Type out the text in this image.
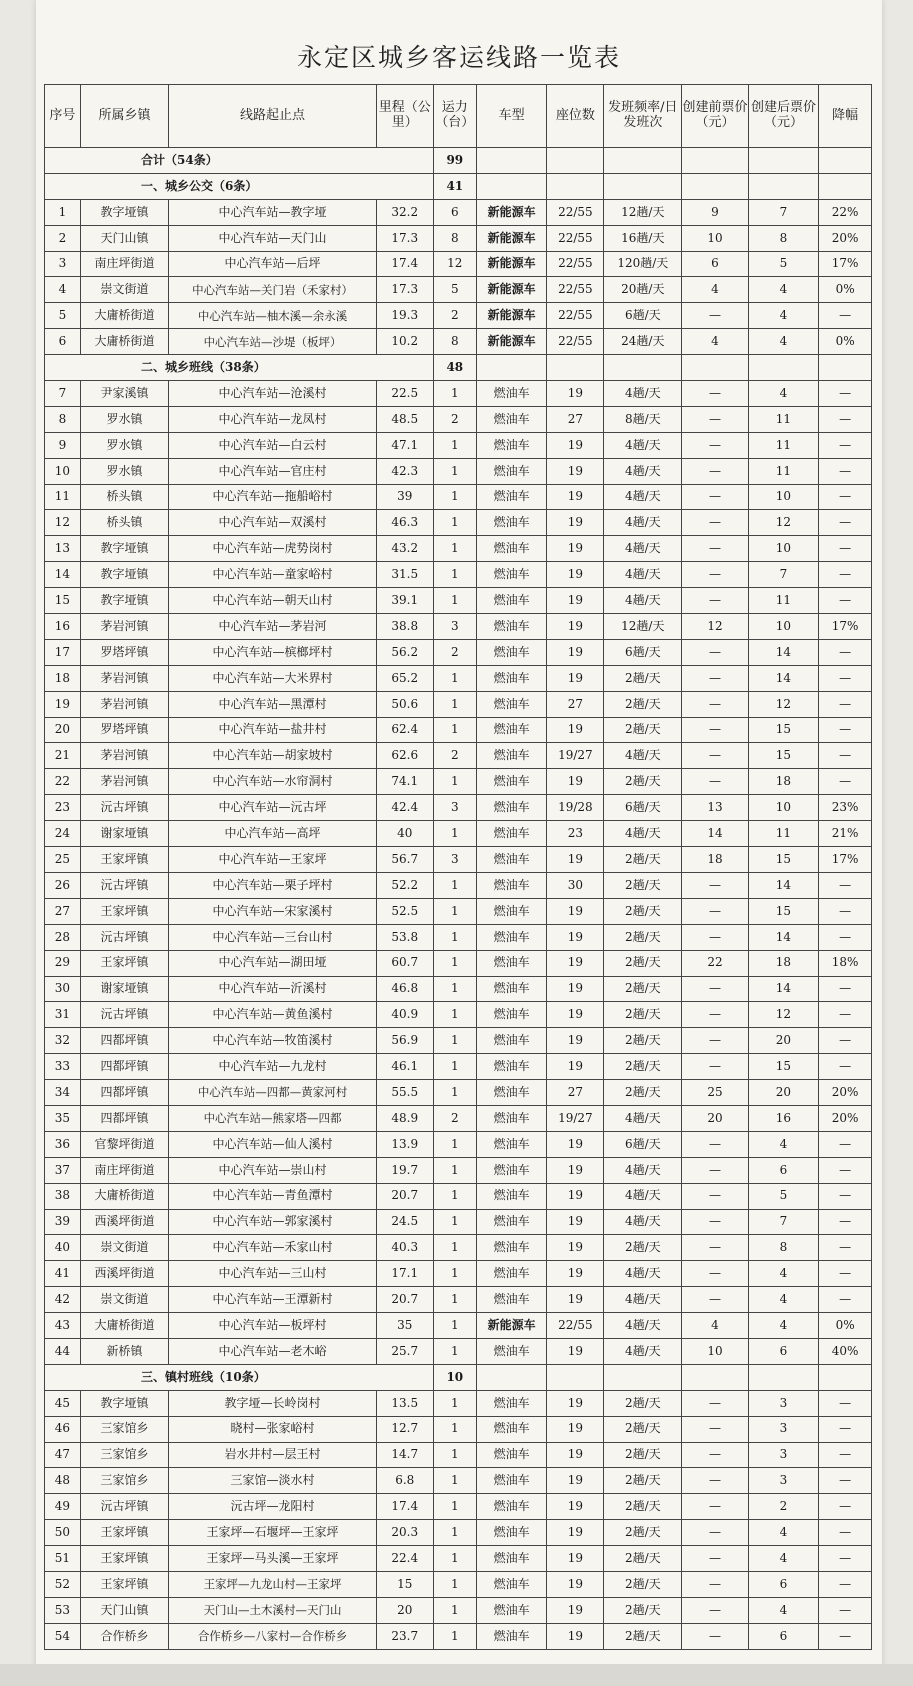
永定区城乡客运线路一览表
序号	所属乡镇	线路起止点	里程（公里）	运力（台）	车型	座位数	发班频率/日发班次	创建前票价（元）	创建后票价（元）	降幅
合计（54条）				99						
一、城乡公交（6条）				41						
1	教字垭镇	中心汽车站—教字垭	32.2	6	新能源车	22/55	12趟/天	9	7	22%
2	天门山镇	中心汽车站—天门山	17.3	8	新能源车	22/55	16趟/天	10	8	20%
3	南庄坪街道	中心汽车站—后坪	17.4	12	新能源车	22/55	120趟/天	6	5	17%
4	崇文街道	中心汽车站—关门岩（禾家村）	17.3	5	新能源车	22/55	20趟/天	4	4	0%
5	大庸桥街道	中心汽车站—柚木溪—余永溪	19.3	2	新能源车	22/55	6趟/天	—	4	—
6	大庸桥街道	中心汽车站—沙堤（板坪）	10.2	8	新能源车	22/55	24趟/天	4	4	0%
二、城乡班线（38条）				48						
7	尹家溪镇	中心汽车站—沧溪村	22.5	1	燃油车	19	4趟/天	—	4	—
8	罗水镇	中心汽车站—龙凤村	48.5	2	燃油车	27	8趟/天	—	11	—
9	罗水镇	中心汽车站—白云村	47.1	1	燃油车	19	4趟/天	—	11	—
10	罗水镇	中心汽车站—官庄村	42.3	1	燃油车	19	4趟/天	—	11	—
11	桥头镇	中心汽车站—拖船峪村	39	1	燃油车	19	4趟/天	—	10	—
12	桥头镇	中心汽车站—双溪村	46.3	1	燃油车	19	4趟/天	—	12	—
13	教字垭镇	中心汽车站—虎势岗村	43.2	1	燃油车	19	4趟/天	—	10	—
14	教字垭镇	中心汽车站—童家峪村	31.5	1	燃油车	19	4趟/天	—	7	—
15	教字垭镇	中心汽车站—朝天山村	39.1	1	燃油车	19	4趟/天	—	11	—
16	茅岩河镇	中心汽车站—茅岩河	38.8	3	燃油车	19	12趟/天	12	10	17%
17	罗塔坪镇	中心汽车站—槟榔坪村	56.2	2	燃油车	19	6趟/天	—	14	—
18	茅岩河镇	中心汽车站—大米界村	65.2	1	燃油车	19	2趟/天	—	14	—
19	茅岩河镇	中心汽车站—黑潭村	50.6	1	燃油车	27	2趟/天	—	12	—
20	罗塔坪镇	中心汽车站—盐井村	62.4	1	燃油车	19	2趟/天	—	15	—
21	茅岩河镇	中心汽车站—胡家坡村	62.6	2	燃油车	19/27	4趟/天	—	15	—
22	茅岩河镇	中心汽车站—水帘洞村	74.1	1	燃油车	19	2趟/天	—	18	—
23	沅古坪镇	中心汽车站—沅古坪	42.4	3	燃油车	19/28	6趟/天	13	10	23%
24	谢家垭镇	中心汽车站—高坪	40	1	燃油车	23	4趟/天	14	11	21%
25	王家坪镇	中心汽车站—王家坪	56.7	3	燃油车	19	2趟/天	18	15	17%
26	沅古坪镇	中心汽车站—栗子坪村	52.2	1	燃油车	30	2趟/天	—	14	—
27	王家坪镇	中心汽车站—宋家溪村	52.5	1	燃油车	19	2趟/天	—	15	—
28	沅古坪镇	中心汽车站—三台山村	53.8	1	燃油车	19	2趟/天	—	14	—
29	王家坪镇	中心汽车站—湖田垭	60.7	1	燃油车	19	2趟/天	22	18	18%
30	谢家垭镇	中心汽车站—沂溪村	46.8	1	燃油车	19	2趟/天	—	14	—
31	沅古坪镇	中心汽车站—黄鱼溪村	40.9	1	燃油车	19	2趟/天	—	12	—
32	四都坪镇	中心汽车站—牧笛溪村	56.9	1	燃油车	19	2趟/天	—	20	—
33	四都坪镇	中心汽车站—九龙村	46.1	1	燃油车	19	2趟/天	—	15	—
34	四都坪镇	中心汽车站—四都—黄家河村	55.5	1	燃油车	27	2趟/天	25	20	20%
35	四都坪镇	中心汽车站—熊家塔—四都	48.9	2	燃油车	19/27	4趟/天	20	16	20%
36	官黎坪街道	中心汽车站—仙人溪村	13.9	1	燃油车	19	6趟/天	—	4	—
37	南庄坪街道	中心汽车站—崇山村	19.7	1	燃油车	19	4趟/天	—	6	—
38	大庸桥街道	中心汽车站—青鱼潭村	20.7	1	燃油车	19	4趟/天	—	5	—
39	西溪坪街道	中心汽车站—郭家溪村	24.5	1	燃油车	19	4趟/天	—	7	—
40	崇文街道	中心汽车站—禾家山村	40.3	1	燃油车	19	2趟/天	—	8	—
41	西溪坪街道	中心汽车站—三山村	17.1	1	燃油车	19	4趟/天	—	4	—
42	崇文街道	中心汽车站—王潭新村	20.7	1	燃油车	19	4趟/天	—	4	—
43	大庸桥街道	中心汽车站—板坪村	35	1	新能源车	22/55	4趟/天	4	4	0%
44	新桥镇	中心汽车站—老木峪	25.7	1	燃油车	19	4趟/天	10	6	40%
三、镇村班线（10条）				10						
45	教字垭镇	教字垭—长岭岗村	13.5	1	燃油车	19	2趟/天	—	3	—
46	三家馆乡	晓村—张家峪村	12.7	1	燃油车	19	2趟/天	—	3	—
47	三家馆乡	岩水井村—层王村	14.7	1	燃油车	19	2趟/天	—	3	—
48	三家馆乡	三家馆—淡水村	6.8	1	燃油车	19	2趟/天	—	3	—
49	沅古坪镇	沅古坪—龙阳村	17.4	1	燃油车	19	2趟/天	—	2	—
50	王家坪镇	王家坪—石堰坪—王家坪	20.3	1	燃油车	19	2趟/天	—	4	—
51	王家坪镇	王家坪—马头溪—王家坪	22.4	1	燃油车	19	2趟/天	—	4	—
52	王家坪镇	王家坪—九龙山村—王家坪	15	1	燃油车	19	2趟/天	—	6	—
53	天门山镇	天门山—土木溪村—天门山	20	1	燃油车	19	2趟/天	—	4	—
54	合作桥乡	合作桥乡—八家村—合作桥乡	23.7	1	燃油车	19	2趟/天	—	6	—
